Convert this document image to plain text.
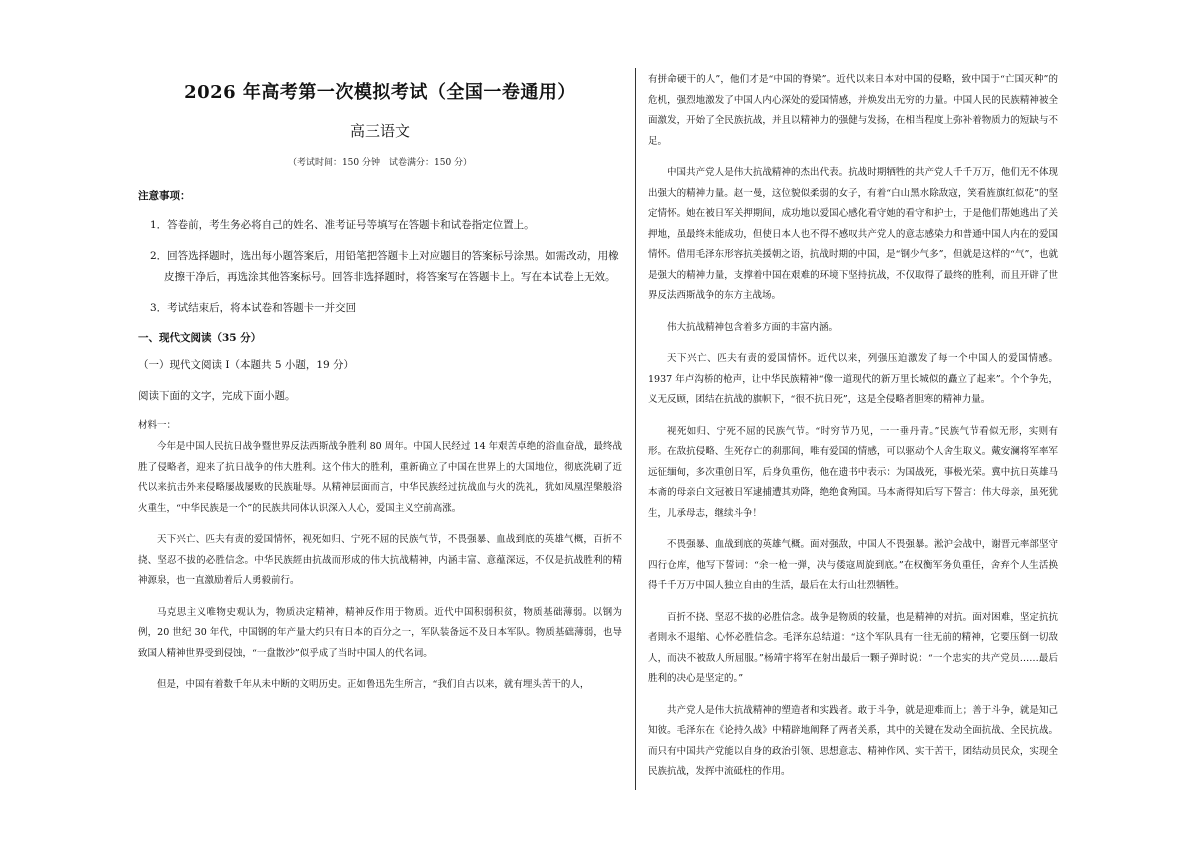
2026 年高考第一次模拟考试（全国一卷通用）
高三语文
（考试时间：150 分钟　试卷满分：150 分）
注意事项：
1．答卷前，考生务必将自己的姓名、准考证号等填写在答题卡和试卷指定位置上。
2．回答选择题时，选出每小题答案后，用铅笔把答题卡上对应题目的答案标号涂黑。如需改动，用橡
皮擦干净后，再选涂其他答案标号。回答非选择题时，将答案写在答题卡上。写在本试卷上无效。
3．考试结束后，将本试卷和答题卡一并交回
一、现代文阅读（35 分）
（一）现代文阅读 I（本题共 5 小题，19 分）
阅读下面的文字，完成下面小题。
材料一：

今年是中国人民抗日战争暨世界反法西斯战争胜利 80 周年。中国人民经过 14 年艰苦卓绝的浴血奋战，最终战胜了侵略者，迎来了抗日战争的伟大胜利。这个伟大的胜利，重新确立了中国在世界上的大国地位，彻底洗刷了近代以来抗击外来侵略屡战屡败的民族耻辱。从精神层面而言，中华民族经过抗战血与火的洗礼，犹如凤凰涅槃般浴火重生，“中华民族是一个”的民族共同体认识深入人心，爱国主义空前高涨。

天下兴亡、匹夫有责的爱国情怀，视死如归、宁死不屈的民族气节，不畏强暴、血战到底的英雄气概，百折不挠、坚忍不拔的必胜信念。中华民族經由抗战而形成的伟大抗战精神，内涵丰富、意蕴深远，不仅是抗战胜利的精神源泉，也一直激励着后人勇毅前行。

马克思主义唯物史观认为，物质决定精神，精神反作用于物质。近代中国积弱积贫，物质基础薄弱。以钢为例，20 世纪 30 年代，中国钢的年产量大约只有日本的百分之一，军队装备远不及日本军队。物质基础薄弱，也导致国人精神世界受到侵蚀，“一盘散沙”似乎成了当时中国人的代名词。

但是，中国有着数千年从未中断的文明历史。正如鲁迅先生所言，“我们自古以来，就有埋头苦干的人，

有拼命硬干的人”，他们才是“中国的脊梁”。近代以来日本对中国的侵略，致中国于“亡国灭种”的危机，强烈地激发了中国人内心深处的爱国情感，并焕发出无穷的力量。中国人民的民族精神被全面激发，开始了全民族抗战，并且以精神力的强健与发扬，在相当程度上弥补着物质力的短缺与不足。

中国共产党人是伟大抗战精神的杰出代表。抗战时期牺牲的共产党人千千万万，他们无不体现出强大的精神力量。赵一曼，这位貌似柔弱的女子，有着“白山黑水除敌寇，笑看旌旗红似花”的坚定情怀。她在被日军关押期间，成功地以爱国心感化看守她的看守和护士，于是他们帮她逃出了关押地，虽最终未能成功，但使日本人也不得不感叹共产党人的意志感染力和普通中国人内在的爱国情怀。借用毛泽东形容抗美援朝之语，抗战时期的中国，是“钢少气多”，但就是这样的“气”，也就是强大的精神力量，支撑着中国在艰难的环境下坚持抗战，不仅取得了最终的胜利，而且开辟了世界反法西斯战争的东方主战场。

伟大抗战精神包含着多方面的丰富内涵。

天下兴亡、匹夫有责的爱国情怀。近代以来，列强压迫激发了每一个中国人的爱国情感。1937 年卢沟桥的枪声，让中华民族精神“像一道现代的新万里长城似的矗立了起来”。个个争先，义无反顾，团结在抗战的旗帜下，“很不抗日死”，这是全侵略者胆寒的精神力量。

视死如归、宁死不屈的民族气节。“时穷节乃见，一一垂丹青。”民族气节看似无形，实则有形。在敌抗侵略、生死存亡的刹那间，唯有爱国的情感，可以驱动个人舍生取义。戴安澜将军率军远征缅甸，多次重创日军，后身负重伤，他在遗书中表示：为国战死，事极光荣。冀中抗日英雄马本斋的母亲白文冠被日军逮捕遭其劝降，绝绝食殉国。马本斋得知后写下誓言：伟大母亲，虽死犹生，儿承母志，继续斗争！

不畏强暴、血战到底的英雄气概。面对强敌，中国人不畏强暴。淞沪会战中，谢晋元率部坚守四行仓库，他写下誓词：“余一枪一弹，决与倭寇周旋到底。”在权衡军务负重任，舍弃个人生活换得千千万万中国人独立自由的生活，最后在太行山壮烈牺牲。

百折不挠、坚忍不拔的必胜信念。战争是物质的较量，也是精神的对抗。面对困难，坚定抗抗者則永不退缩、心怀必胜信念。毛泽东总结道：“这个军队具有一往无前的精神，它要压倒一切敌人，而决不被敌人所屈服。”杨靖宇将军在射出最后一颗子弹时说：“一个忠实的共产党员……最后胜利的决心是坚定的。”

共产党人是伟大抗战精神的塑造者和实践者。敢于斗争，就是迎难而上；善于斗争，就是知己知彼。毛泽东在《论持久战》中精辟地阐释了两者关系，其中的关键在发动全面抗战、全民抗战。而只有中国共产党能以自身的政治引领、思想意志、精神作风、实干苦干，团结动员民众，实现全民族抗战，发挥中流砥柱的作用。
